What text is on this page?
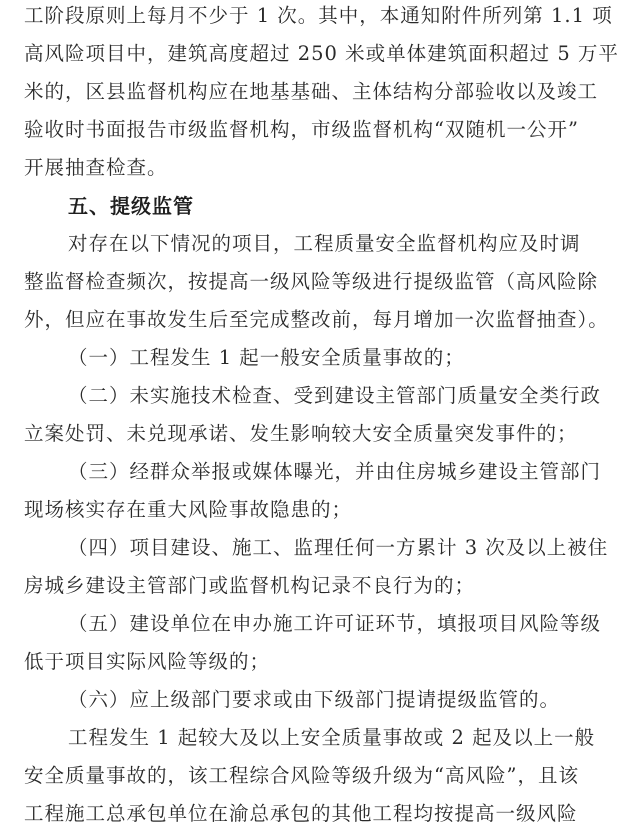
工阶段原则上每月不少于 1 次。其中，本通知附件所列第 1.1 项
高风险项目中，建筑高度超过 250 米或单体建筑面积超过 5 万平
米的，区县监督机构应在地基基础、主体结构分部验收以及竣工
验收时书面报告市级监督机构，市级监督机构“双随机一公开”
开展抽查检查。
五、提级监管
对存在以下情况的项目，工程质量安全监督机构应及时调
整监督检查频次，按提高一级风险等级进行提级监管（高风险除
外，但应在事故发生后至完成整改前，每月增加一次监督抽查）。
（一）工程发生 1 起一般安全质量事故的；
（二）未实施技术检查、受到建设主管部门质量安全类行政
立案处罚、未兑现承诺、发生影响较大安全质量突发事件的；
（三）经群众举报或媒体曝光，并由住房城乡建设主管部门
现场核实存在重大风险事故隐患的；
（四）项目建设、施工、监理任何一方累计 3 次及以上被住
房城乡建设主管部门或监督机构记录不良行为的；
（五）建设单位在申办施工许可证环节，填报项目风险等级
低于项目实际风险等级的；
（六）应上级部门要求或由下级部门提请提级监管的。
工程发生 1 起较大及以上安全质量事故或 2 起及以上一般
安全质量事故的，该工程综合风险等级升级为“高风险”，且该
工程施工总承包单位在渝总承包的其他工程均按提高一级风险
